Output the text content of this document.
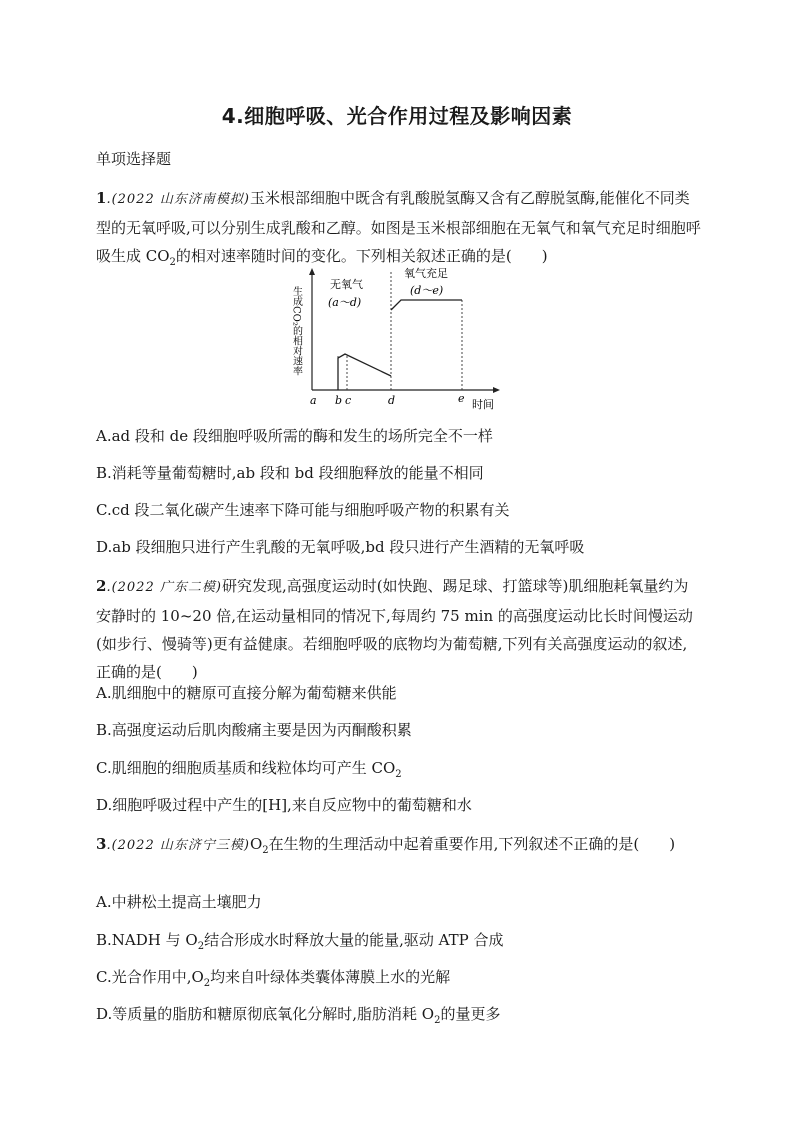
4.细胞呼吸、光合作用过程及影响因素
单项选择题
1.(2022 山东济南模拟)玉米根部细胞中既含有乳酸脱氢酶又含有乙醇脱氢酶,能催化不同类型的无氧呼吸,可以分别生成乳酸和乙醇。如图是玉米根部细胞在无氧气和氧气充足时细胞呼吸生成 $CO_2$的相对速率随时间的变化。下列相关叙述正确的是(　　)
生成CO₂的相对速率
无氧气
(a～d)
氧气充足
(d～e)
a b c	d	e 时间
A.ad 段和 de 段细胞呼吸所需的酶和发生的场所完全不一样
B.消耗等量葡萄糖时,ab 段和 bd 段细胞释放的能量不相同
C.cd 段二氧化碳产生速率下降可能与细胞呼吸产物的积累有关
D.ab 段细胞只进行产生乳酸的无氧呼吸,bd 段只进行产生酒精的无氧呼吸
2.(2022 广东二模)研究发现,高强度运动时(如快跑、踢足球、打篮球等)肌细胞耗氧量约为安静时的 10~20 倍,在运动量相同的情况下,每周约 75 min 的高强度运动比长时间慢运动(如步行、慢骑等)更有益健康。若细胞呼吸的底物均为葡萄糖,下列有关高强度运动的叙述,正确的是(　　)
A.肌细胞中的糖原可直接分解为葡萄糖来供能
B.高强度运动后肌肉酸痛主要是因为丙酮酸积累
C.肌细胞的细胞质基质和线粒体均可产生 $CO_2$
D.细胞呼吸过程中产生的[H],来自反应物中的葡萄糖和水
3.(2022 山东济宁三模)$O_2$在生物的生理活动中起着重要作用,下列叙述不正确的是(　　)
A.中耕松土提高土壤肥力
B.NADH 与 $O_2$结合形成水时释放大量的能量,驱动 ATP 合成
C.光合作用中$,O_2$均来自叶绿体类囊体薄膜上水的光解
D.等质量的脂肪和糖原彻底氧化分解时,脂肪消耗 $O_2$的量更多
